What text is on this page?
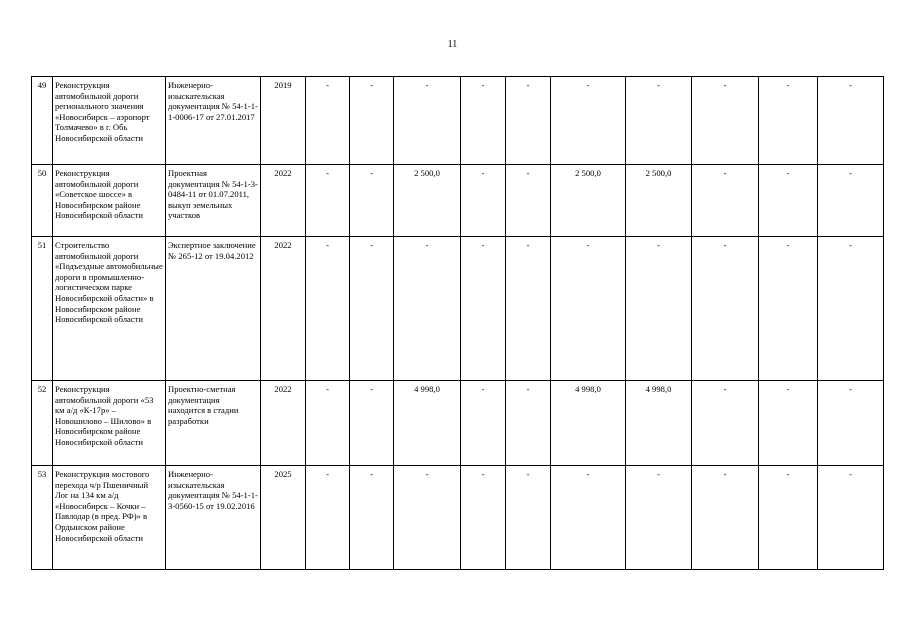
11
49	Реконструкция автомобильной дороги регионального значения «Новосибирск – аэропорт Толмачево» в г. Обь Новосибирской области	Инженерно-изыскательская документация № 54-1-1-1-0006-17 от 27.01.2017	2019	-	-	-	-	-	-	-	-	-	-
50	Реконструкция автомобильной дороги «Советское шоссе» в Новосибирском районе Новосибирской области	Проектная документация № 54-1-3-0484-11 от 01.07.2011, выкуп земельных участков	2022	-	-	2 500,0	-	-	2 500,0	2 500,0	-	-	-
51	Строительство автомобильной дороги «Подъездные автомобильные дороги в промышленно-логистическом парке Новосибирской области» в Новосибирском районе Новосибирской области	Экспертное заключение № 265-12 от 19.04.2012	2022	-	-	-	-	-	-	-	-	-	-
52	Реконструкция автомобильной дороги «53 км а/д «К-17р» – Новошилово – Шилово» в Новосибирском районе Новосибирской области	Проектно-сметная документация находится в стадии разработки	2022	-	-	4 998,0	-	-	4 998,0	4 998,0	-	-	-
53	Реконструкция мостового перехода ч/р Пшеничный Лог на 134 км а/д «Новосибирск – Кочки – Павлодар (в пред. РФ)» в Ордынском районе Новосибирской области	Инженерно-изыскательская документация № 54-1-1-3-0560-15 от 19.02.2016	2025	-	-	-	-	-	-	-	-	-	-
